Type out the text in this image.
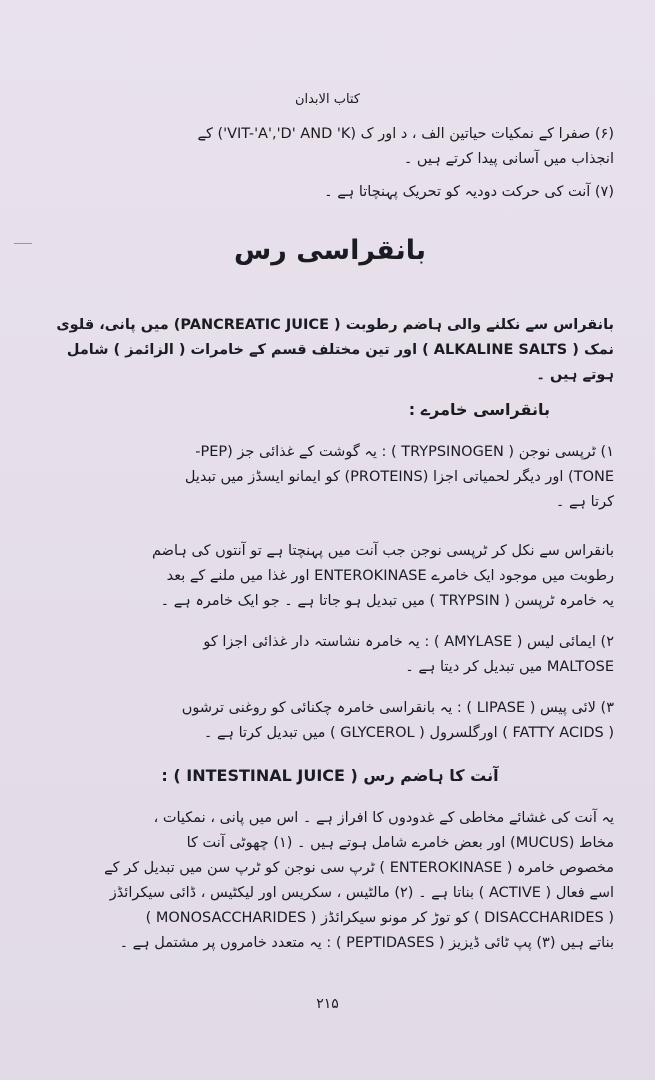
کتاب الابدان

(۶) صفرا کے نمکیات حیاتین الف ، د اور ک (VIT-'A','D' AND 'K') کے

انجذاب میں آسانی پیدا کرتے ہیں ۔

(۷) آنت کی حرکت دودیہ کو تحریک پہنچاتا ہے ۔

بانقراسی رس

بانقراس سے نکلنے والی ہاضم رطوبت ( PANCREATIC JUICE) میں پانی، قلوی

نمک ( ALKALINE SALTS ) اور تین مختلف قسم کے خامرات ( الزائمز ) شامل

ہوتے ہیں ۔

بانقراسی خامرے :

۱) ٹرپسی نوجن ( TRYPSINOGEN ) : یہ گوشت کے غذائی جز (PEP-

TONE) اور دیگر لحمیاتی اجزا (PROTEINS) کو ایمانو ایسڈز میں تبدیل

کرتا ہے ۔

بانقراس سے نکل کر ٹرپسی نوجن جب آنت میں پہنچتا ہے تو آنتوں کی ہاضم

رطوبت میں موجود ایک خامرے ENTEROKINASE اور غذا میں ملنے کے بعد

یہ خامرہ ٹرپسن ( TRYPSIN ) میں تبدیل ہو جاتا ہے ۔ جو ایک خامرہ ہے ۔

۲) ایمائی لیس ( AMYLASE ) : یہ خامرہ نشاستہ دار غذائی اجزا کو

MALTOSE میں تبدیل کر دیتا ہے ۔

۳) لائی پیس ( LIPASE ) : یہ بانقراسی خامرہ چکنائی کو روغنی ترشوں

( FATTY ACIDS ) اورگلسرول ( GLYCEROL ) میں تبدیل کرتا ہے ۔

آنت کا ہاضم رس ( INTESTINAL JUICE ) :

یہ آنت کی غشائے مخاطی کے غدودوں کا افراز ہے ۔ اس میں پانی ، نمکیات ،

مخاط (MUCUS) اور بعض خامرے شامل ہوتے ہیں ۔ (۱) چھوٹی آنت کا

مخصوص خامرہ ( ENTEROKINASE ) ٹرپ سی نوجن کو ٹرپ سن میں تبدیل کر کے

اسے فعال ( ACTIVE ) بناتا ہے ۔ (۲) مالٹیس ، سکریس اور لیکٹیس ، ڈائی سیکرائڈز

( DISACCHARIDES ) کو توڑ کر مونو سیکرائڈز ( MONOSACCHARIDES )

بناتے ہیں (۳) پپ ٹائی ڈیزیز ( PEPTIDASES ) : یہ متعدد خامروں پر مشتمل ہے ۔

۲۱۵
